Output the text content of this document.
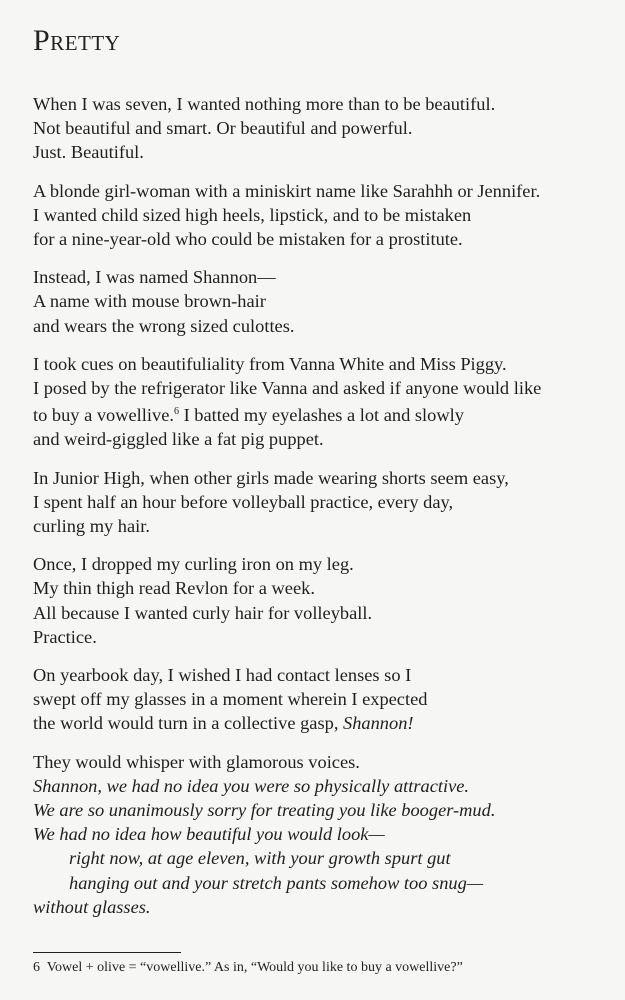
Pretty
When I was seven, I wanted nothing more than to be beautiful.
Not beautiful and smart. Or beautiful and powerful.
Just. Beautiful.
A blonde girl-woman with a miniskirt name like Sarahhh or Jennifer.
I wanted child sized high heels, lipstick, and to be mistaken
for a nine-year-old who could be mistaken for a prostitute.
Instead, I was named Shannon—
A name with mouse brown-hair
and wears the wrong sized culottes.
I took cues on beautifuliality from Vanna White and Miss Piggy.
I posed by the refrigerator like Vanna and asked if anyone would like
to buy a vowellive.$^6$ I batted my eyelashes a lot and slowly
and weird-giggled like a fat pig puppet.
In Junior High, when other girls made wearing shorts seem easy,
I spent half an hour before volleyball practice, every day,
curling my hair.
Once, I dropped my curling iron on my leg.
My thin thigh read Revlon for a week.
All because I wanted curly hair for volleyball.
Practice.
On yearbook day, I wished I had contact lenses so I
swept off my glasses in a moment wherein I expected
the world would turn in a collective gasp, Shannon!
They would whisper with glamorous voices.
Shannon, we had no idea you were so physically attractive.
We are so unanimously sorry for treating you like booger-mud.
We had no idea how beautiful you would look—
right now, at age eleven, with your growth spurt gut
hanging out and your stretch pants somehow too snug—
without glasses.
6 Vowel + olive = “vowellive.” As in, “Would you like to buy a vowellive?”
